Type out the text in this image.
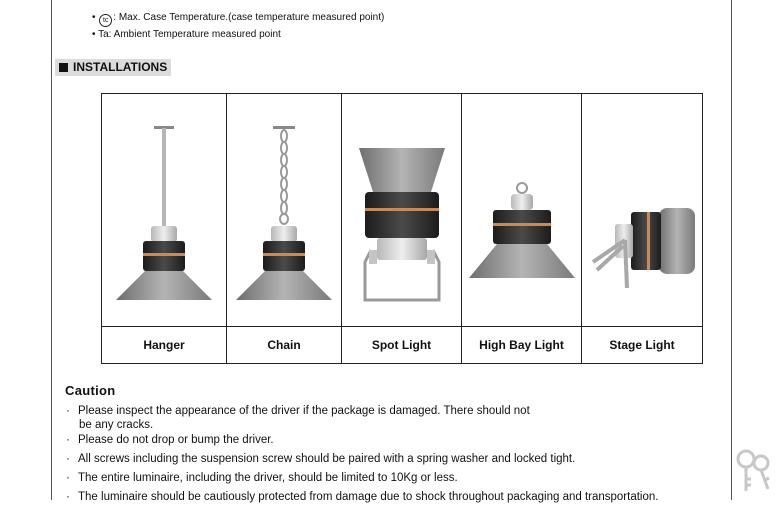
• tc : Max. Case Temperature.(case temperature measured point)
• Ta: Ambient Temperature measured point
INSTALLATIONS

Hanger	Chain	Spot Light	High Bay Light	Stage Light
Caution
· Please inspect the appearance of the driver if the package is damaged. There should not
be any cracks.
· Please do not drop or bump the driver.
· All screws including the suspension screw should be paired with a spring washer and locked tight.
· The entire luminaire, including the driver, should be limited to 10Kg or less.
· The luminaire should be cautiously protected from damage due to shock throughout packaging and transportation.
